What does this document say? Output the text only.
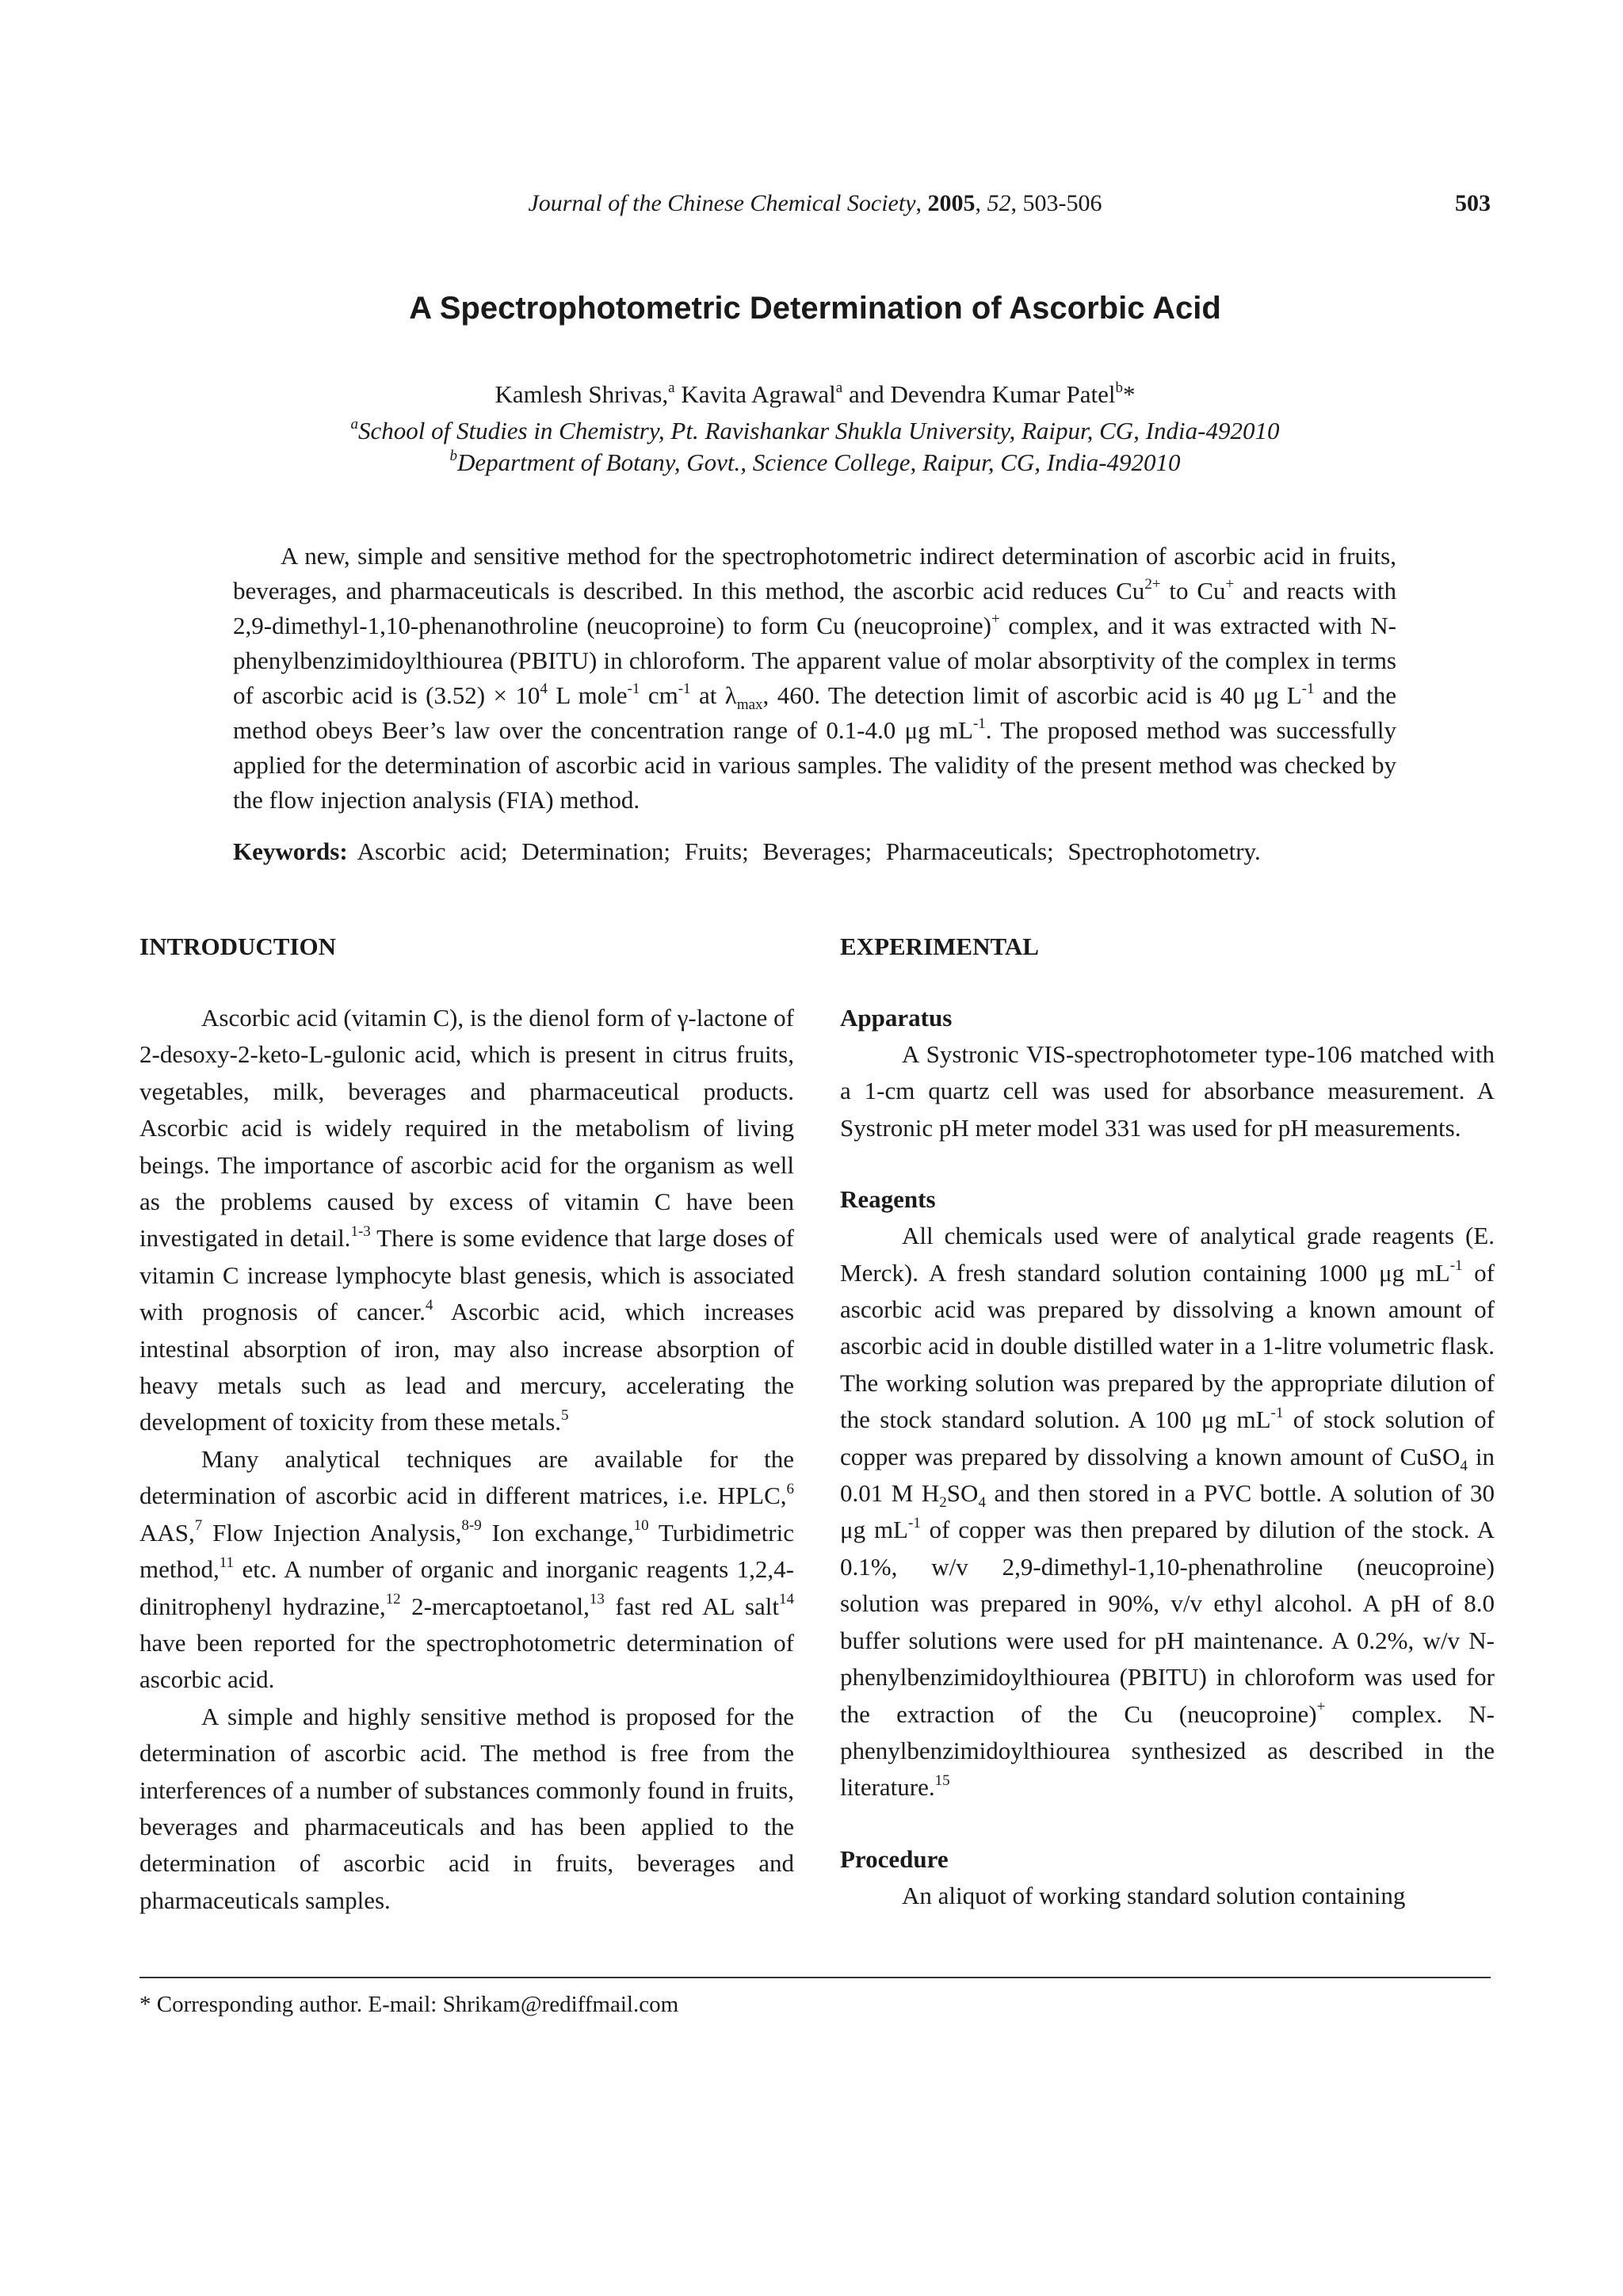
Journal of the Chinese Chemical Society, 2005, 52, 503-506	503
A Spectrophotometric Determination of Ascorbic Acid
Kamlesh Shrivas,$^a$ Kavita Agrawal$^a$ and Devendra Kumar Patel$^b$*
$^a$School of Studies in Chemistry, Pt. Ravishankar Shukla University, Raipur, CG, India-492010
$^b$Department of Botany, Govt., Science College, Raipur, CG, India-492010

A new, simple and sensitive method for the spectrophotometric indirect determination of ascorbic acid in fruits, beverages, and pharmaceuticals is described. In this method, the ascorbic acid reduces $Cu^{2+}$ to Cu+ and reacts with 2,9-dimethyl-1,10-phenanothroline (neucoproine) to form Cu (neucoproine)+ complex, and it was extracted with N-phenylbenzimidoylthiourea (PBITU) in chloroform. The apparent value of molar absorptivity of the complex in terms of ascorbic acid is $(3.52) \times 10^4$ L mole$^{-1}$ $cm^{-1}$ at $\lambda_{max}$, 460. The detection limit of ascorbic acid is 40 μg $L^{-1}$ and the method obeys Beer’s law over the concentration range of 0.1-4.0 μg $mL^{-1}$. The proposed method was successfully applied for the determination of ascorbic acid in various samples. The validity of the present method was checked by the flow injection analysis (FIA) method.

Keywords: Ascorbic acid; Determination; Fruits; Beverages; Pharmaceuticals; Spectrophotometry.
INTRODUCTION

Ascorbic acid (vitamin C), is the dienol form of γ-lactone of 2-desoxy-2-keto-L-gulonic acid, which is present in citrus fruits, vegetables, milk, beverages and pharmaceutical products. Ascorbic acid is widely required in the metabolism of living beings. The importance of ascorbic acid for the organism as well as the problems caused by excess of vitamin C have been investigated in detail.$^{1-3}$ There is some evidence that large doses of vitamin C increase lymphocyte blast genesis, which is associated with prognosis of cancer.$^4$ Ascorbic acid, which increases intestinal absorption of iron, may also increase absorption of heavy metals such as lead and mercury, accelerating the development of toxicity from these metals.$^5$

Many analytical techniques are available for the determination of ascorbic acid in different matrices, i.e. HPLC,$^6$ AAS,$^7$ Flow Injection Analysis,$^{8-9}$ Ion exchange,$^{10}$ Turbidimetric method,$^{11}$ etc. A number of organic and inorganic reagents 1,2,4-dinitrophenyl hydrazine,$^{12}$ 2-mercaptoetanol,$^{13}$ fast red AL salt$^{14}$ have been reported for the spectrophotometric determination of ascorbic acid.

A simple and highly sensitive method is proposed for the determination of ascorbic acid. The method is free from the interferences of a number of substances commonly found in fruits, beverages and pharmaceuticals and has been applied to the determination of ascorbic acid in fruits, beverages and pharmaceuticals samples.

EXPERIMENTAL
Apparatus

A Systronic VIS-spectrophotometer type-106 matched with a 1-cm quartz cell was used for absorbance measurement. A Systronic pH meter model 331 was used for pH measurements.

Reagents

All chemicals used were of analytical grade reagents (E. Merck). A fresh standard solution containing 1000 μg $mL^{-1}$ of ascorbic acid was prepared by dissolving a known amount of ascorbic acid in double distilled water in a 1-litre volumetric flask. The working solution was prepared by the appropriate dilution of the stock standard solution. A 100 μg $mL^{-1}$ of stock solution of copper was prepared by dissolving a known amount of CuSO$_4$ in 0.01 M $H_2SO_4$ and then stored in a PVC bottle. A solution of 30 μg $mL^{-1}$ of copper was then prepared by dilution of the stock. A 0.1%, w/v 2,9-dimethyl-1,10-phenathroline (neucoproine) solution was prepared in 90%, v/v ethyl alcohol. A pH of 8.0 buffer solutions were used for pH maintenance. A 0.2%, w/v N-phenylbenzimidoylthiourea (PBITU) in chloroform was used for the extraction of the Cu (neucoproine)+ complex. N-phenylbenzimidoylthiourea synthesized as described in the literature.$^{15}$

Procedure

An aliquot of working standard solution containing

* Corresponding author. E-mail: Shrikam@rediffmail.com
